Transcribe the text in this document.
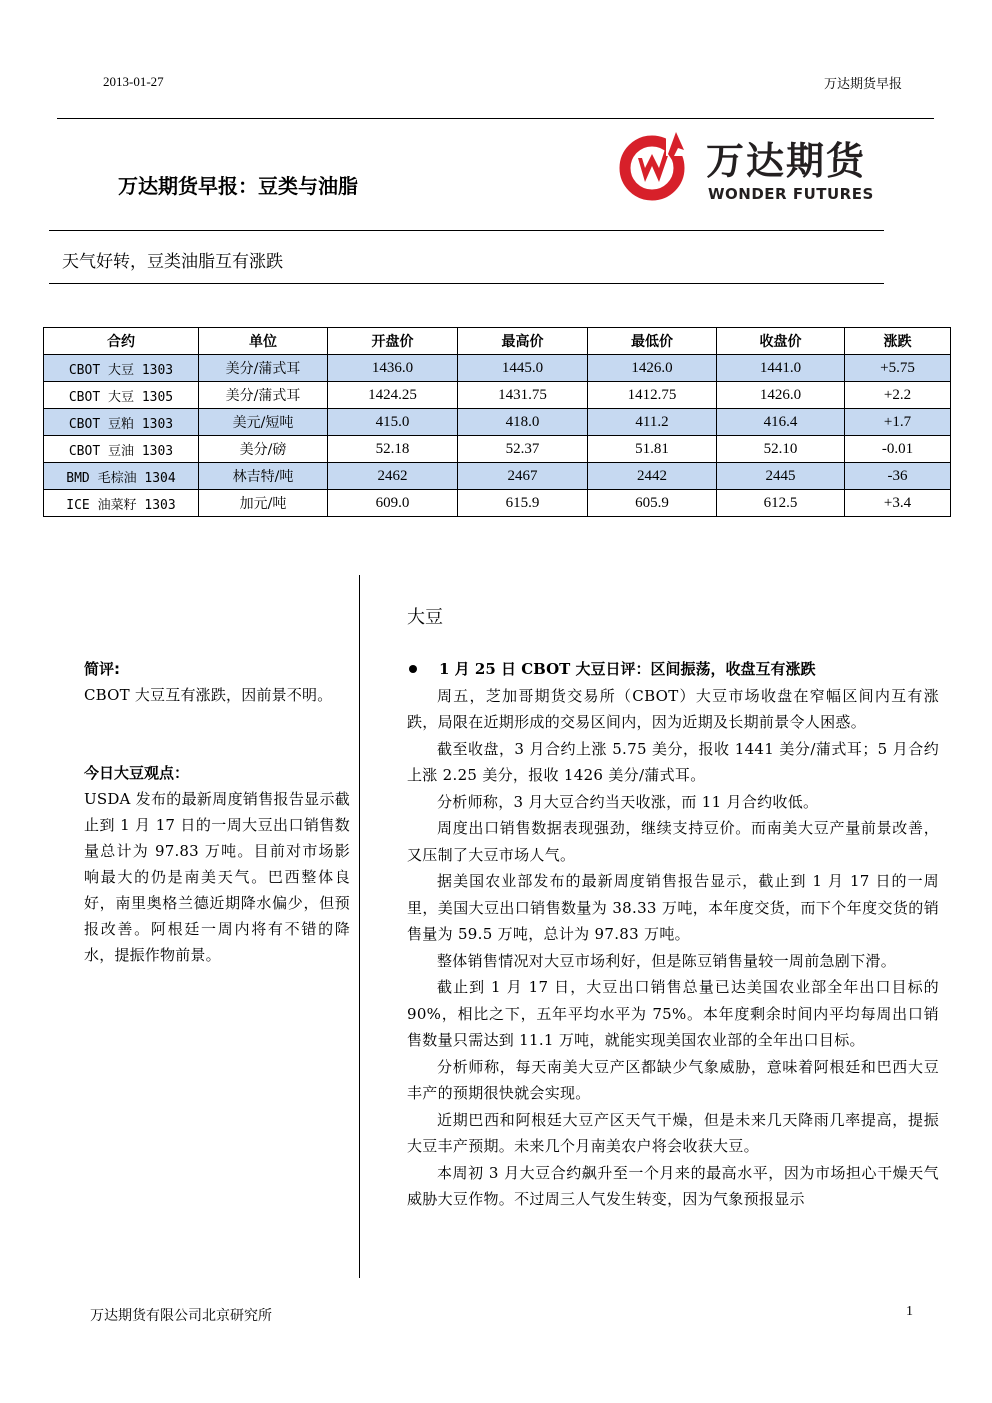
2013-01-27	万达期货早报
万达期货早报：豆类与油脂
万达期货
WONDER FUTURES
天气好转，豆类油脂互有涨跌
合约	单位	开盘价	最高价	最低价	收盘价	涨跌
CBOT 大豆 1303	美分/蒲式耳	1436.0	1445.0	1426.0	1441.0	+5.75
CBOT 大豆 1305	美分/蒲式耳	1424.25	1431.75	1412.75	1426.0	+2.2
CBOT 豆粕 1303	美元/短吨	415.0	418.0	411.2	416.4	+1.7
CBOT 豆油 1303	美分/磅	52.18	52.37	51.81	52.10	-0.01
BMD 毛棕油 1304	林吉特/吨	2462	2467	2442	2445	-36
ICE 油菜籽 1303	加元/吨	609.0	615.9	605.9	612.5	+3.4
简评:

CBOT 大豆互有涨跌，因前景不明。

今日大豆观点：

USDA 发布的最新周度销售报告显示截止到 1 月 17 日的一周大豆出口销售数量总计为 97.83 万吨。目前对市场影响最大的仍是南美天气。巴西整体良好，南里奥格兰德近期降水偏少，但预报改善。阿根廷一周内将有不错的降水，提振作物前景。

大豆
1 月 25 日 CBOT 大豆日评：区间振荡，收盘互有涨跌

周五，芝加哥期货交易所（CBOT）大豆市场收盘在窄幅区间内互有涨跌，局限在近期形成的交易区间内，因为近期及长期前景令人困惑。

截至收盘，3 月合约上涨 5.75 美分，报收 1441 美分/蒲式耳；5 月合约上涨 2.25 美分，报收 1426 美分/蒲式耳。

分析师称，3 月大豆合约当天收涨，而 11 月合约收低。

周度出口销售数据表现强劲，继续支持豆价。而南美大豆产量前景改善，又压制了大豆市场人气。

据美国农业部发布的最新周度销售报告显示，截止到 1 月 17 日的一周里，美国大豆出口销售数量为 38.33 万吨，本年度交货，而下个年度交货的销售量为 59.5 万吨，总计为 97.83 万吨。

整体销售情况对大豆市场利好，但是陈豆销售量较一周前急剧下滑。

截止到 1 月 17 日，大豆出口销售总量已达美国农业部全年出口目标的 90%，相比之下，五年平均水平为 75%。本年度剩余时间内平均每周出口销售数量只需达到 11.1 万吨，就能实现美国农业部的全年出口目标。

分析师称，每天南美大豆产区都缺少气象威胁，意味着阿根廷和巴西大豆丰产的预期很快就会实现。

近期巴西和阿根廷大豆产区天气干燥，但是未来几天降雨几率提高，提振大豆丰产预期。未来几个月南美农户将会收获大豆。

本周初 3 月大豆合约飙升至一个月来的最高水平，因为市场担心干燥天气威胁大豆作物。不过周三人气发生转变，因为气象预报显示

万达期货有限公司北京研究所	1
